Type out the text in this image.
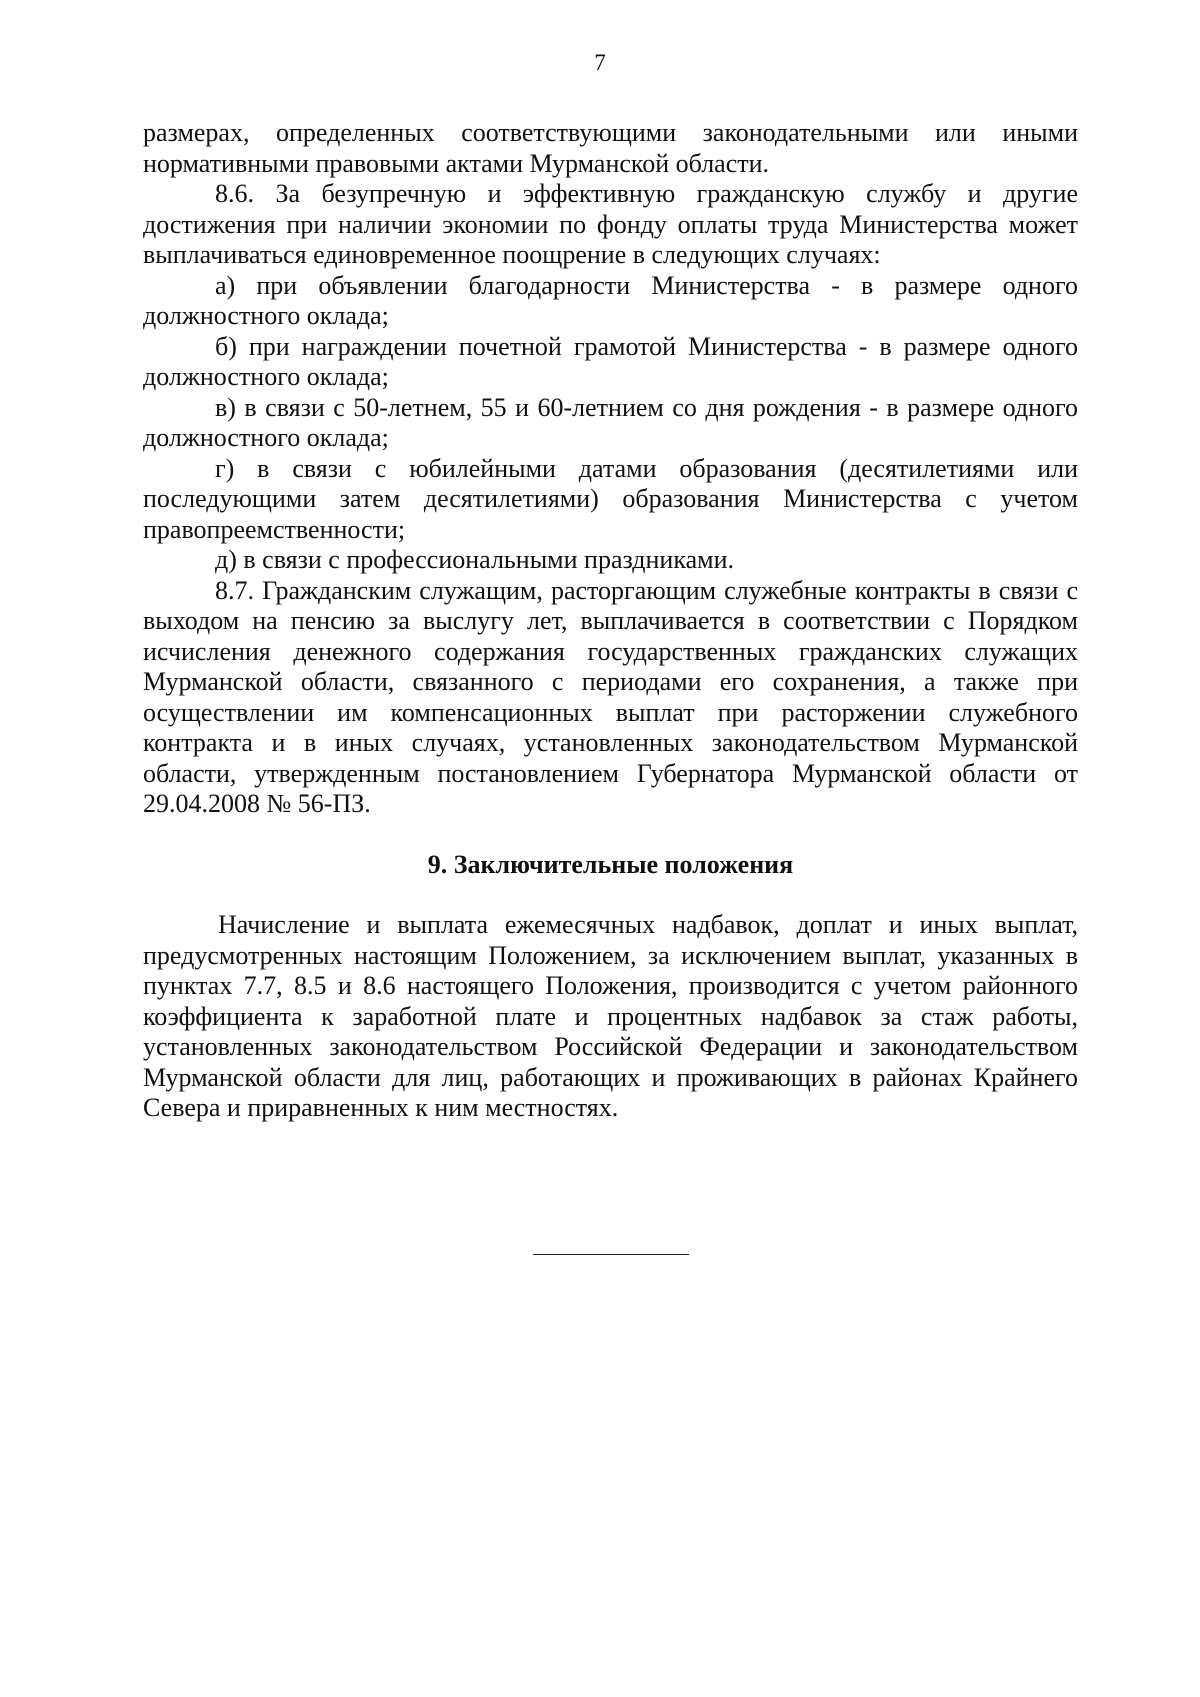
7

размерах, определенных соответствующими законодательными или иными нормативными правовыми актами Мурманской области.

8.6. За безупречную и эффективную гражданскую службу и другие достижения при наличии экономии по фонду оплаты труда Министерства может выплачиваться единовременное поощрение в следующих случаях:

а) при объявлении благодарности Министерства - в размере одного должностного оклада;

б) при награждении почетной грамотой Министерства - в размере одного должностного оклада;

в) в связи с 50-летнем, 55 и 60-летнием со дня рождения - в размере одного должностного оклада;

г) в связи с юбилейными датами образования (десятилетиями или последующими затем десятилетиями) образования Министерства с учетом правопреемственности;

д) в связи с профессиональными праздниками.

8.7. Гражданским служащим, расторгающим служебные контракты в связи с выходом на пенсию за выслугу лет, выплачивается в соответствии с Порядком исчисления денежного содержания государственных гражданских служащих Мурманской области, связанного с периодами его сохранения, а также при осуществлении им компенсационных выплат при расторжении служебного контракта и в иных случаях, установленных законодательством Мурманской области, утвержденным постановлением Губернатора Мурманской области от 29.04.2008 № 56-ПЗ.

9. Заключительные положения

Начисление и выплата ежемесячных надбавок, доплат и иных выплат, предусмотренных настоящим Положением, за исключением выплат, указанных в пунктах 7.7, 8.5 и 8.6 настоящего Положения, производится с учетом районного коэффициента к заработной плате и процентных надбавок за стаж работы, установленных законодательством Российской Федерации и законодательством Мурманской области для лиц, работающих и проживающих в районах Крайнего Севера и приравненных к ним местностях.
